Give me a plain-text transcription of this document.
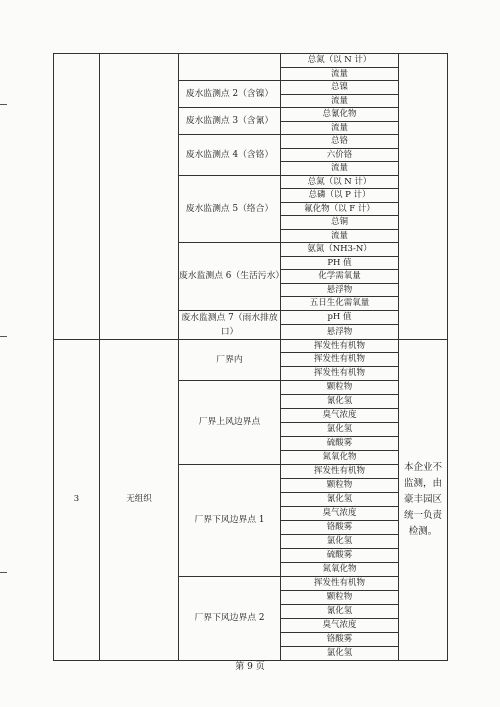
			总氮（以 N 计）	
			流量	
		废水监测点 2（含镍）	总镍	
			流量	
		废水监测点 3（含氰）	总氰化物	
			流量	
		废水监测点 4（含铬）	总铬	
			六价铬	
			流量	
		废水监测点 5（络合）	总氮（以 N 计）	
			总磷（以 P 计）	
			氟化物（以 F 计）	
			总铜	
			流量	
		废水监测点 6（生活污水）	氨氮（NH3-N）	
			PH 值	
			化学需氧量	
			悬浮物	
			五日生化需氧量	
		废水监测点 7（雨水排放口）	pH 值	
			悬浮物	
3	无组织	厂界内	挥发性有机物	本企业不监测，由豪丰园区统一负责检测。
			挥发性有机物	
			挥发性有机物	
		厂界上风边界点	颗粒物	
			氰化氢	
			臭气浓度	
			氯化氢	
			硫酸雾	
			氮氧化物	
		厂界下风边界点 1	挥发性有机物	
			颗粒物	
			氰化氢	
			臭气浓度	
			铬酸雾	
			氯化氢	
			硫酸雾	
			氮氧化物	
		厂界下风边界点 2	挥发性有机物	
			颗粒物	
			氰化氢	
			臭气浓度	
			铬酸雾	
			氯化氢	
第 9 页
